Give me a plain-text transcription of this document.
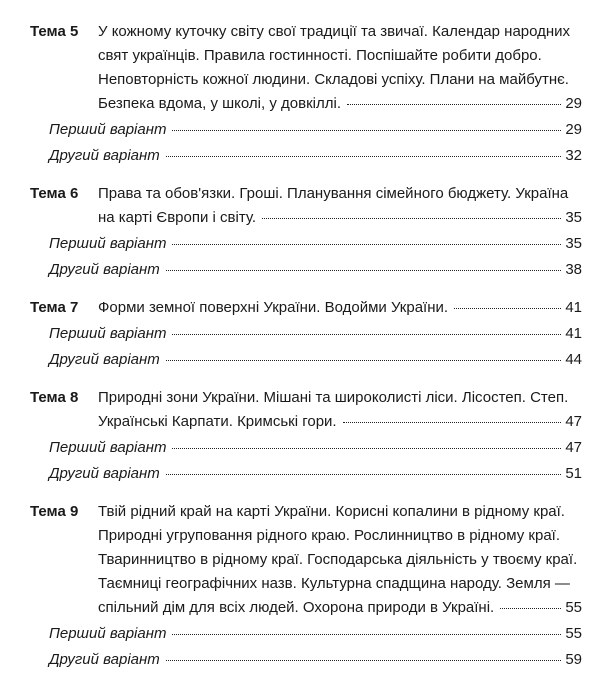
Тема 5	У кожному куточку світу свої традиції та звичаї. Календар народних
свят українців. Правила гостинності. Поспішайте робити добро.
Неповторність кожної людини. Складові успіху. Плани на майбутнє.
Безпека вдома, у школі, у довкіллі.	29
Перший варіант	29
Другий варіант	32
Тема 6	Права та обов'язки. Гроші. Планування сімейного бюджету. Україна
на карті Європи і світу.	35
Перший варіант	35
Другий варіант	38
Тема 7	Форми земної поверхні України. Водойми України.	41
Перший варіант	41
Другий варіант	44
Тема 8	Природні зони України. Мішані та широколисті ліси. Лісостеп. Степ.
Українські Карпати. Кримські гори.	47
Перший варіант	47
Другий варіант	51
Тема 9	Твій рідний край на карті України. Корисні копалини в рідному краї.
Природні угруповання рідного краю. Рослинництво в рідному краї.
Тваринництво в рідному краї. Господарська діяльність у твоєму краї.
Таємниці географічних назв. Культурна спадщина народу. Земля —
спільний дім для всіх людей. Охорона природи в Україні.	55
Перший варіант	55
Другий варіант	59
